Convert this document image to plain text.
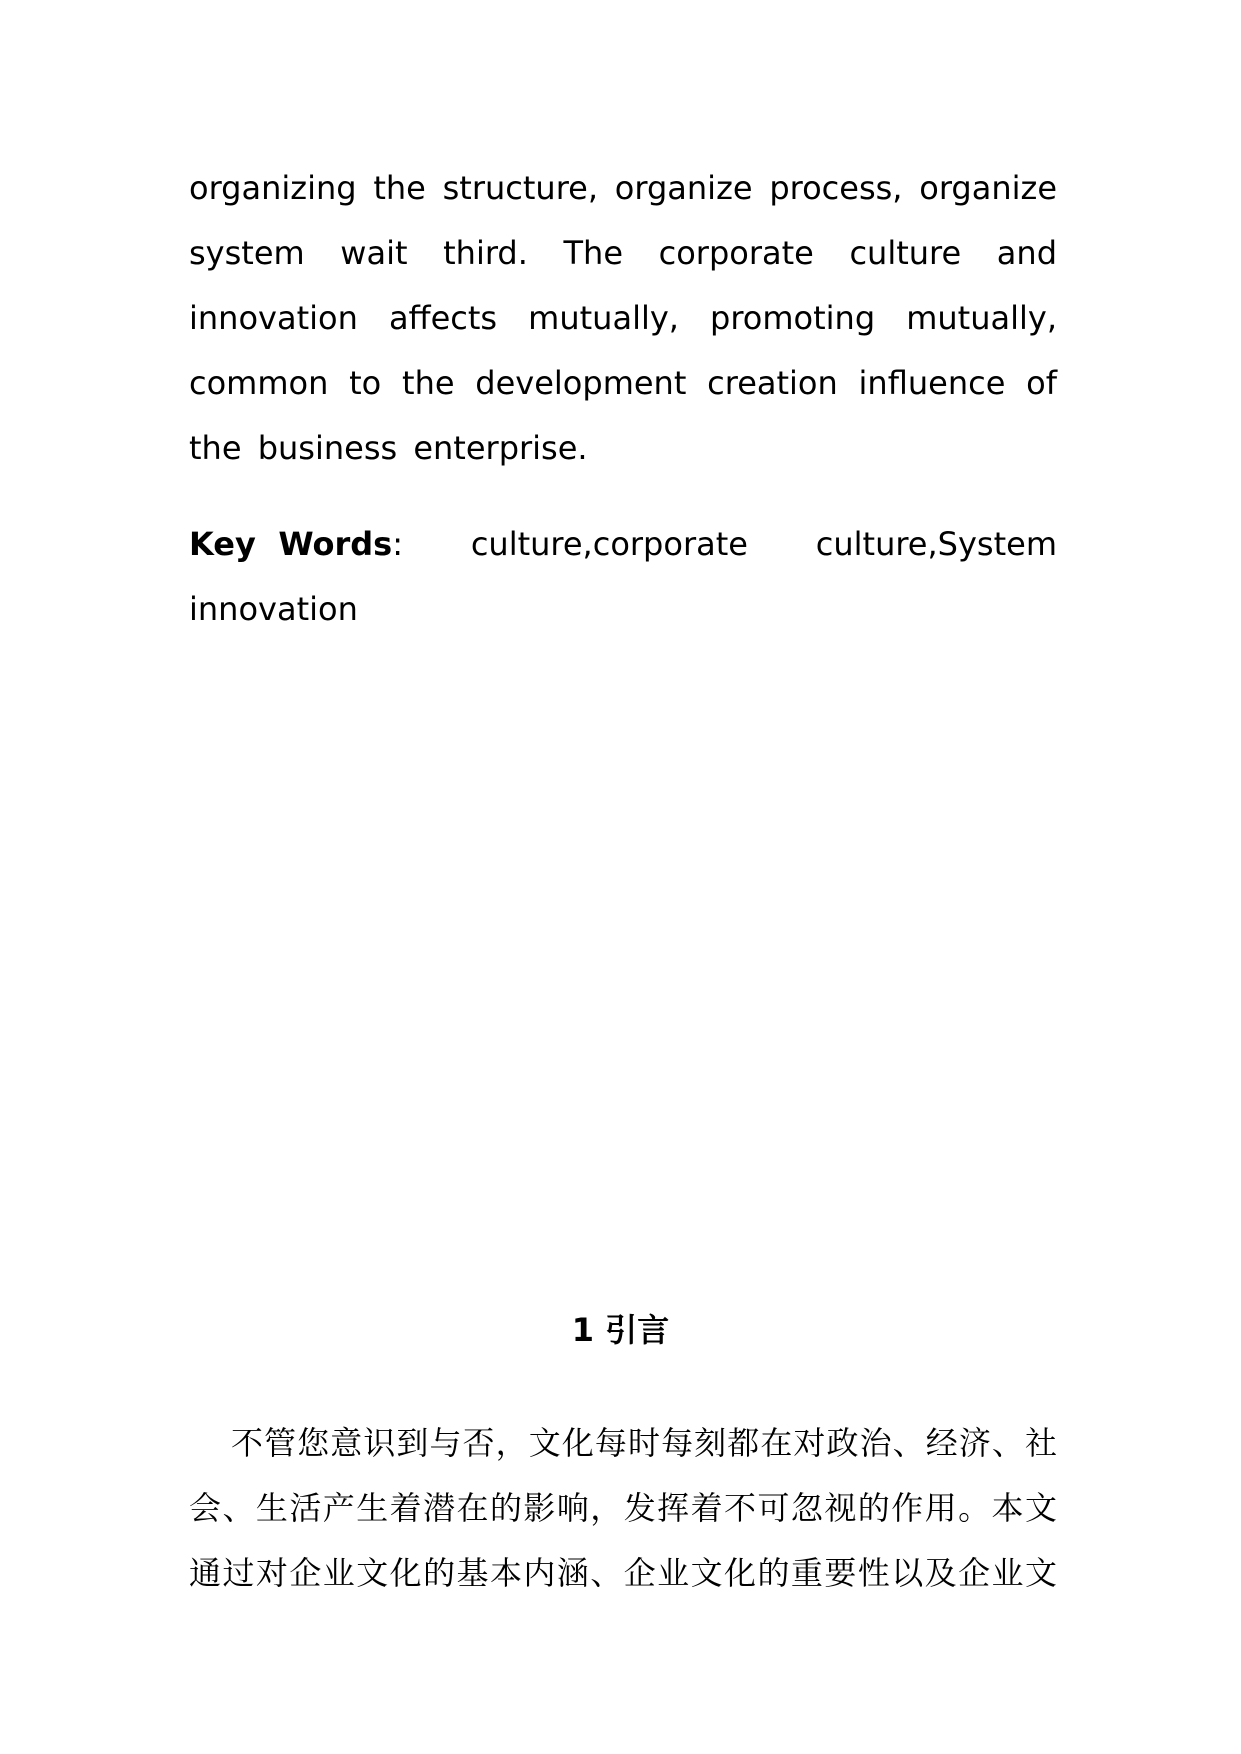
organizing the structure, organize process, organize
system wait third. The corporate culture and
innovation affects mutually, promoting mutually,
common to the development creation influence of
the business enterprise.
Key Words: culture,corporate culture,System
innovation
1 引言
不管您意识到与否，文化每时每刻都在对政治、经济、社
会、生活产生着潜在的影响，发挥着不可忽视的作用。本文
通过对企业文化的基本内涵、企业文化的重要性以及企业文
